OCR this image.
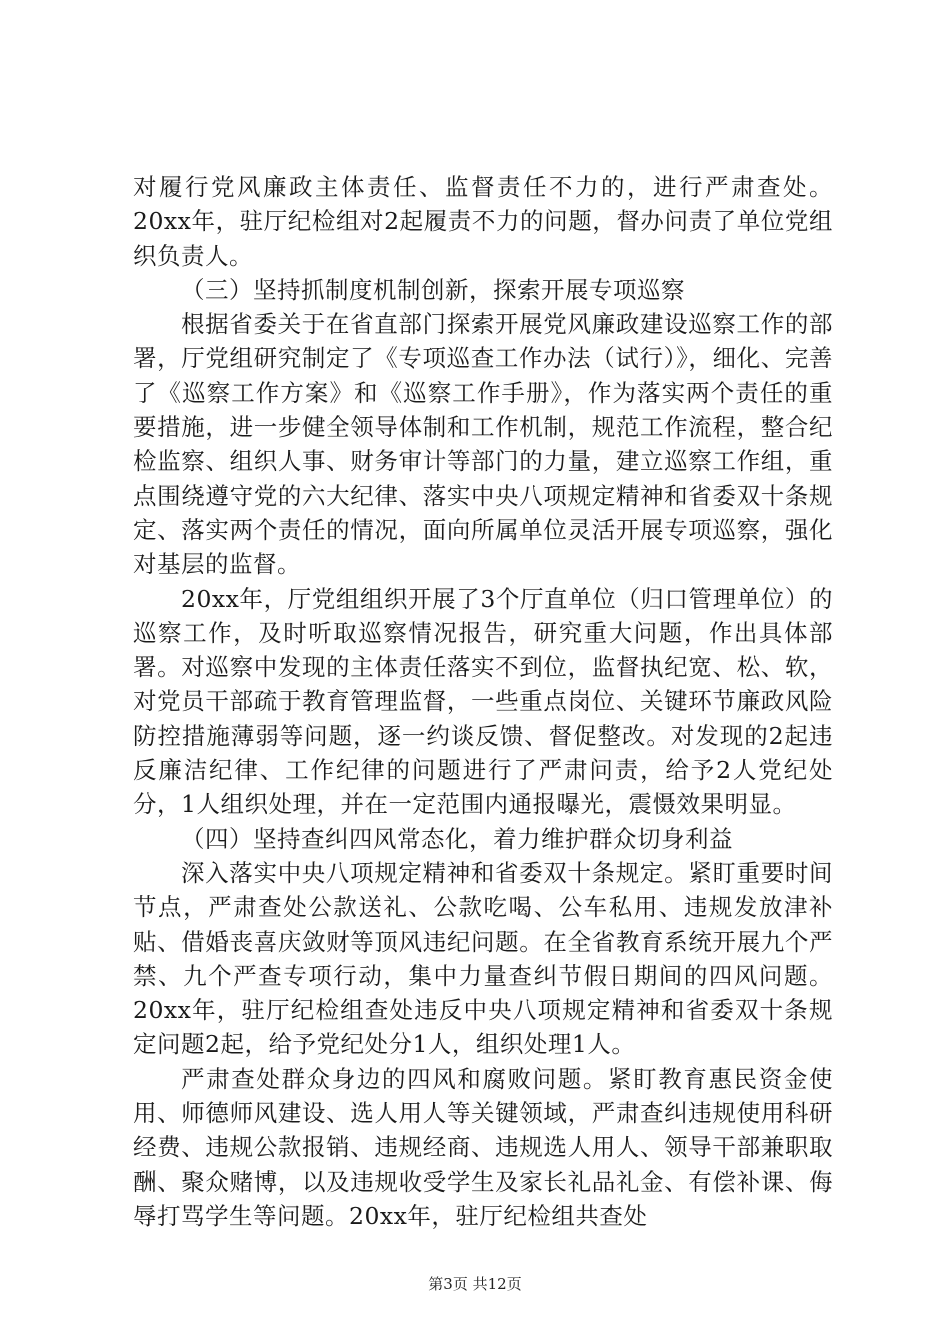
对履行党风廉政主体责任、监督责任不力的，进行严肃查处。20xx年，驻厅纪检组对2起履责不力的问题，督办问责了单位党组织负责人。

（三）坚持抓制度机制创新，探索开展专项巡察

根据省委关于在省直部门探索开展党风廉政建设巡察工作的部署，厅党组研究制定了《专项巡查工作办法（试行）》，细化、完善了《巡察工作方案》和《巡察工作手册》，作为落实两个责任的重要措施，进一步健全领导体制和工作机制，规范工作流程，整合纪检监察、组织人事、财务审计等部门的力量，建立巡察工作组，重点围绕遵守党的六大纪律、落实中央八项规定精神和省委双十条规定、落实两个责任的情况，面向所属单位灵活开展专项巡察，强化对基层的监督。

20xx年，厅党组组织开展了3个厅直单位（归口管理单位）的巡察工作，及时听取巡察情况报告，研究重大问题，作出具体部署。对巡察中发现的主体责任落实不到位，监督执纪宽、松、软，对党员干部疏于教育管理监督，一些重点岗位、关键环节廉政风险防控措施薄弱等问题，逐一约谈反馈、督促整改。对发现的2起违反廉洁纪律、工作纪律的问题进行了严肃问责，给予2人党纪处分，1人组织处理，并在一定范围内通报曝光，震慑效果明显。

（四）坚持查纠四风常态化，着力维护群众切身利益

深入落实中央八项规定精神和省委双十条规定。紧盯重要时间节点，严肃查处公款送礼、公款吃喝、公车私用、违规发放津补贴、借婚丧喜庆敛财等顶风违纪问题。在全省教育系统开展九个严禁、九个严查专项行动，集中力量查纠节假日期间的四风问题。20xx年，驻厅纪检组查处违反中央八项规定精神和省委双十条规定问题2起，给予党纪处分1人，组织处理1人。

严肃查处群众身边的四风和腐败问题。紧盯教育惠民资金使用、师德师风建设、选人用人等关键领域，严肃查纠违规使用科研经费、违规公款报销、违规经商、违规选人用人、领导干部兼职取酬、聚众赌博，以及违规收受学生及家长礼品礼金、有偿补课、侮辱打骂学生等问题。20xx年，驻厅纪检组共查处

第3页 共12页
